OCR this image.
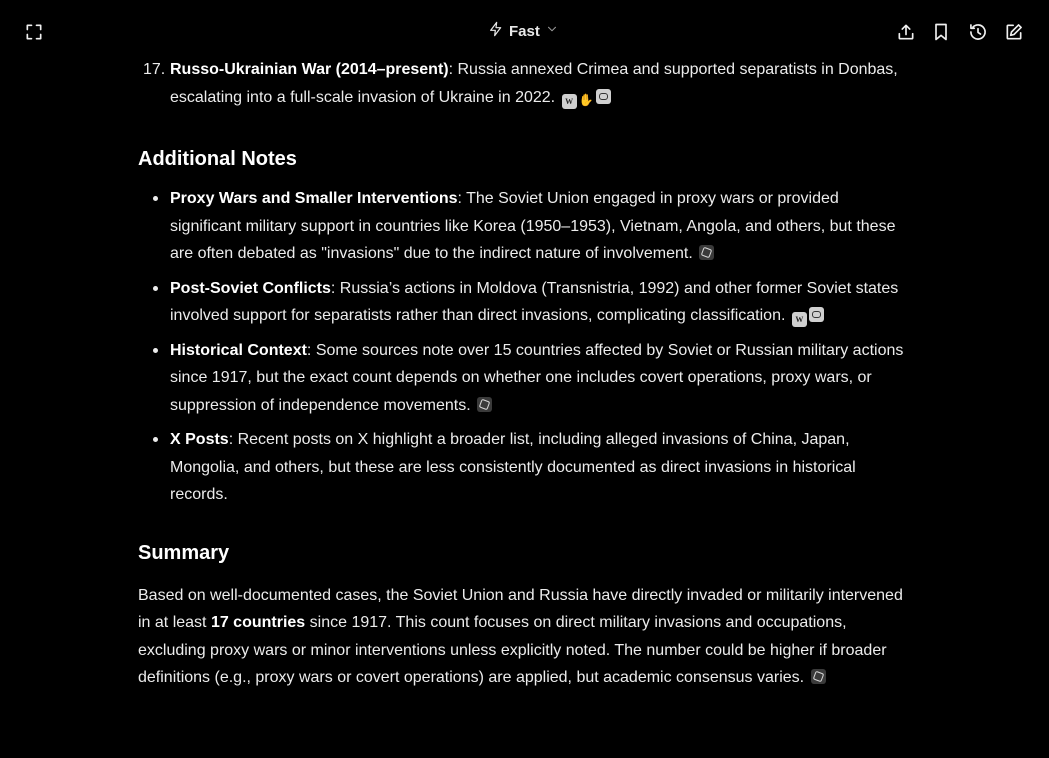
Fast
17. Russo-Ukrainian War (2014–present): Russia annexed Crimea and supported separatists in Donbas, escalating into a full-scale invasion of Ukraine in 2022. W ✋
Additional Notes
Proxy Wars and Smaller Interventions: The Soviet Union engaged in proxy wars or provided significant military support in countries like Korea (1950–1953), Vietnam, Angola, and others, but these are often debated as "invasions" due to the indirect nature of involvement.
Post-Soviet Conflicts: Russia’s actions in Moldova (Transnistria, 1992) and other former Soviet states involved support for separatists rather than direct invasions, complicating classification. W
Historical Context: Some sources note over 15 countries affected by Soviet or Russian military actions since 1917, but the exact count depends on whether one includes covert operations, proxy wars, or suppression of independence movements.
X Posts: Recent posts on X highlight a broader list, including alleged invasions of China, Japan, Mongolia, and others, but these are less consistently documented as direct invasions in historical records.
Summary

Based on well-documented cases, the Soviet Union and Russia have directly invaded or militarily intervened in at least 17 countries since 1917. This count focuses on direct military invasions and occupations, excluding proxy wars or minor interventions unless explicitly noted. The number could be higher if broader definitions (e.g., proxy wars or covert operations) are applied, but academic consensus varies.
